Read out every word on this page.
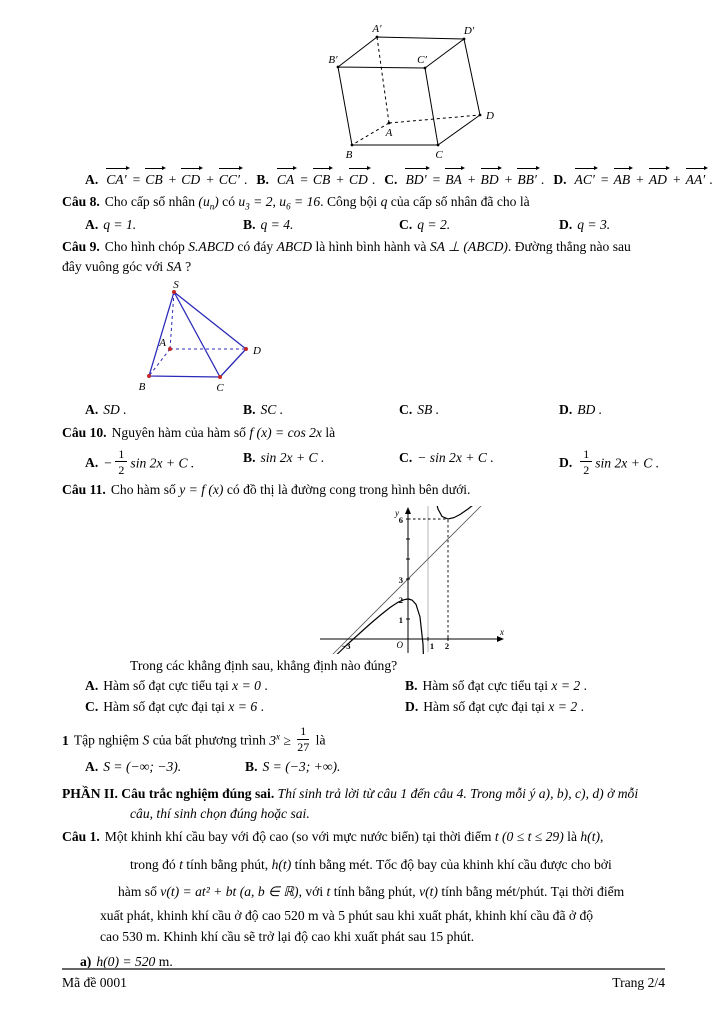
A′	D′
B′	C′
A
D
B	C
A. CA′ = CB + CD + CC′ . B. CA = CB + CD . C. BD′ = BA + BD + BB′ . D. AC′ = AB + AD + AA′ .
Câu 8. Cho cấp số nhân $(u_n)$ có $u_3 = 2$, $u_6 = 16$. Công bội q của cấp số nhân đã cho là
A. q = 1.	B. q = 4.	C. q = 2.	D. q = 3.
Câu 9. Cho hình chóp S.ABCD có đáy ABCD là hình bình hành và SA ⊥ (ABCD). Đường thẳng nào sau
đây vuông góc với SA ?
S
A
B	C
D
A. SD .	B. SC .	C. SB .	D. BD .
Câu 10. Nguyên hàm của hàm số f (x) = cos 2x là
A. − $\frac{1}{2}$ sin 2x + C .	B. sin 2x + C .	C. − sin 2x + C .	D. $\frac{1}{2}$ sin 2x + C .
Câu 11. Cho hàm số y = f (x) có đồ thị là đường cong trong hình bên dưới.
y
x
O
1
2
3
6
1 2
−3
Trong các khẳng định sau, khẳng định nào đúng?
A. Hàm số đạt cực tiểu tại x = 0 .	B. Hàm số đạt cực tiểu tại x = 2 .
C. Hàm số đạt cực đại tại x = 6 .	D. Hàm số đạt cực đại tại x = 2 .
1 Tập nghiệm S của bất phương trình $3^x \ge \frac{1}{27}$ là
A. S = (−∞; −3).	B. S = (−3; +∞).
PHẦN II. Câu trắc nghiệm đúng sai. Thí sinh trả lời từ câu 1 đến câu 4. Trong mỗi ý a), b), c), d) ở mỗi
câu, thí sinh chọn đúng hoặc sai.
Câu 1. Một khinh khí cầu bay với độ cao (so với mực nước biển) tại thời điểm t (0 ≤ t ≤ 29) là h(t),
trong đó t tính bằng phút, h(t) tính bằng mét. Tốc độ bay của khinh khí cầu được cho bởi
hàm số v(t) = at² + bt (a, b ∈ ℝ), với t tính bằng phút, v(t) tính bằng mét/phút. Tại thời điểm
xuất phát, khinh khí cầu ở độ cao 520 m và 5 phút sau khi xuất phát, khinh khí cầu đã ở độ
cao 530 m. Khinh khí cầu sẽ trở lại độ cao khi xuất phát sau 15 phút.
a) h(0) = 520 m.
Mã đề 0001	Trang 2/4
